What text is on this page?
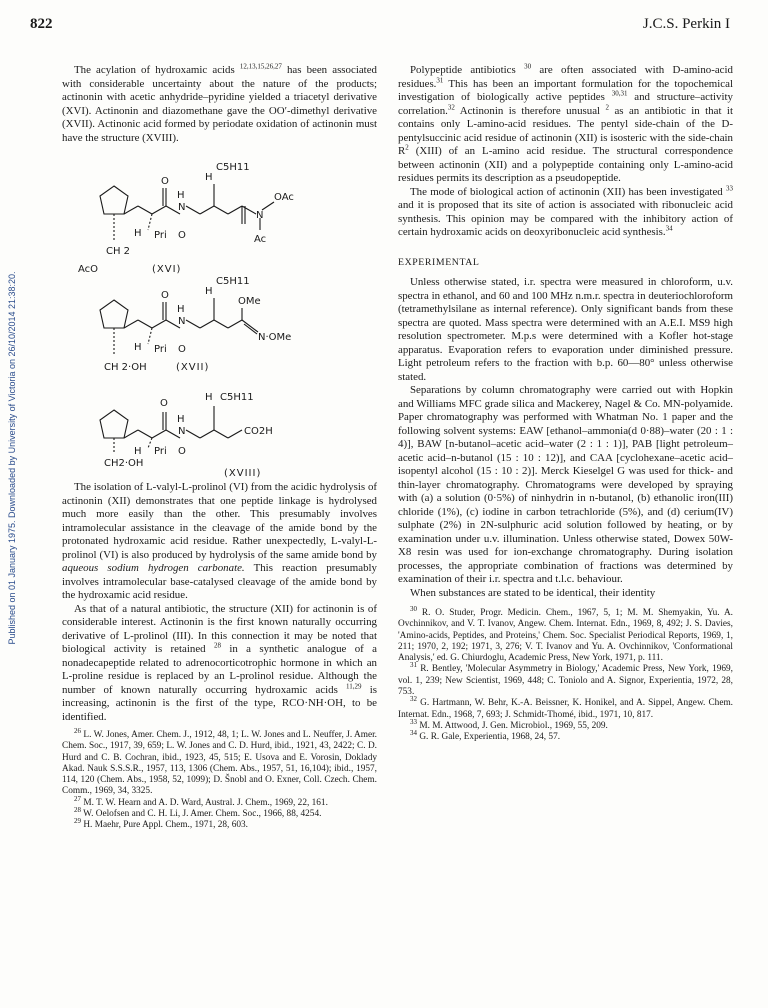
822	J.C.S. Perkin I
Published on 01 January 1975. Downloaded by University of Victoria on 26/10/2014 21:38:20.

The acylation of hydroxamic acids $^{12,13,15,26,27}$ has been associated with considerable uncertainty about the nature of the products; actinonin with acetic anhydride–pyridine yielded a triacetyl derivative (XVI). Actinonin and diazomethane gave the OO′-dimethyl derivative (XVII). Actinonic acid formed by periodate oxidation of actinonin must have the structure (XVIII).

H
C5H11
O
H
N
OAc
N
H Pri O	Ac
CH 2
AcO	(XVI)
H
C5H11
O
H
N
OMe
N·OMe
H Pri O
CH 2·OH	(XVII)
O
H C5H11
H
N	CO2H
H Pri O
CH2·OH
(XVIII)

The isolation of L-valyl-L-prolinol (VI) from the acidic hydrolysis of actinonin (XII) demonstrates that one peptide linkage is hydrolysed much more easily than the other. This presumably involves intramolecular assistance in the cleavage of the amide bond by the protonated hydroxamic acid residue. Rather unexpectedly, L-valyl-L-prolinol (VI) is also produced by hydrolysis of the same amide bond by aqueous sodium hydrogen carbonate. This reaction presumably involves intramolecular base-catalysed cleavage of the amide bond by the hydroxamic acid residue.

As that of a natural antibiotic, the structure (XII) for actinonin is of considerable interest. Actinonin is the first known naturally occurring derivative of L-prolinol (III). In this connection it may be noted that biological activity is retained $^{28}$ in a synthetic analogue of a nonadecapeptide related to adrenocorticotrophic hormone in which an L-proline residue is replaced by an L-prolinol residue. Although the number of known naturally occurring hydroxamic acids $^{11,29}$ is increasing, actinonin is the first of the type, RCO·NH·OH, to be identified.

$^{26}$ L. W. Jones, Amer. Chem. J., 1912, 48, 1; L. W. Jones and L. Neuffer, J. Amer. Chem. Soc., 1917, 39, 659; L. W. Jones and C. D. Hurd, ibid., 1921, 43, 2422; C. D. Hurd and C. B. Cochran, ibid., 1923, 45, 515; E. Usova and E. Vorosin, Doklady Akad. Nauk S.S.S.R., 1957, 113, 1306 (Chem. Abs., 1957, 51, 16,104); ibid., 1957, 114, 120 (Chem. Abs., 1958, 52, 1099); D. Šnobl and O. Exner, Coll. Czech. Chem. Comm., 1969, 34, 3325.

$^{27}$ M. T. W. Hearn and A. D. Ward, Austral. J. Chem., 1969, 22, 161.

$^{28}$ W. Oelofsen and C. H. Li, J. Amer. Chem. Soc., 1966, 88, 4254.

$^{29}$ H. Maehr, Pure Appl. Chem., 1971, 28, 603.

Polypeptide antibiotics $^{30}$ are often associated with D-amino-acid residues.$^{31}$ This has been an important formulation for the topochemical investigation of biologically active peptides $^{30,31}$ and structure–activity correlation.$^{32}$ Actinonin is therefore unusual $^2$ as an antibiotic in that it contains only L-amino-acid residues. The pentyl side-chain of the D-pentylsuccinic acid residue of actinonin (XII) is isosteric with the side-chain $R^2$ (XIII) of an L-amino acid residue. The structural correspondence between actinonin (XII) and a polypeptide containing only L-amino-acid residues permits its description as a pseudopeptide.

The mode of biological action of actinonin (XII) has been investigated $^{33}$ and it is proposed that its site of action is associated with ribonucleic acid synthesis. This opinion may be compared with the inhibitory action of certain hydroxamic acids on deoxyribonucleic acid synthesis.$^{34}$

EXPERIMENTAL

Unless otherwise stated, i.r. spectra were measured in chloroform, u.v. spectra in ethanol, and 60 and 100 MHz n.m.r. spectra in deuteriochloroform (tetramethylsilane as internal reference). Only significant bands from these spectra are quoted. Mass spectra were determined with an A.E.I. MS9 high resolution spectrometer. M.p.s were determined with a Kofler hot-stage apparatus. Evaporation refers to evaporation under diminished pressure. Light petroleum refers to the fraction with b.p. 60—80° unless otherwise stated.

Separations by column chromatography were carried out with Hopkin and Williams MFC grade silica and Mackerey, Nagel & Co. MN-polyamide. Paper chromatography was performed with Whatman No. 1 paper and the following solvent systems: EAW [ethanol–ammonia(d 0·88)–water (20 : 1 : 4)], BAW [n-butanol–acetic acid–water (2 : 1 : 1)], PAB [light petroleum–acetic acid–n-butanol (15 : 10 : 12)], and CAA [cyclohexane–acetic acid–isopentyl alcohol (15 : 10 : 2)]. Merck Kieselgel G was used for thick- and thin-layer chromatography. Chromatograms were developed by spraying with (a) a solution (0·5%) of ninhydrin in n-butanol, (b) ethanolic iron(III) chloride (1%), (c) iodine in carbon tetrachloride (5%), and (d) cerium(IV) sulphate (2%) in 2N-sulphuric acid solution followed by heating, or by examination under u.v. illumination. Unless otherwise stated, Dowex 50W-X8 resin was used for ion-exchange chromatography. During isolation processes, the appropriate combination of fractions was determined by examination of their i.r. spectra and t.l.c. behaviour.

When substances are stated to be identical, their identity

$^{30}$ R. O. Studer, Progr. Medicin. Chem., 1967, 5, 1; M. M. Shemyakin, Yu. A. Ovchinnikov, and V. T. Ivanov, Angew. Chem. Internat. Edn., 1969, 8, 492; J. S. Davies, 'Amino-acids, Peptides, and Proteins,' Chem. Soc. Specialist Periodical Reports, 1969, 1, 211; 1970, 2, 192; 1971, 3, 276; V. T. Ivanov and Yu. A. Ovchinnikov, 'Conformational Analysis,' ed. G. Chiurdoglu, Academic Press, New York, 1971, p. 111.

$^{31}$ R. Bentley, 'Molecular Asymmetry in Biology,' Academic Press, New York, 1969, vol. 1, 239; New Scientist, 1969, 448; C. Toniolo and A. Signor, Experientia, 1972, 28, 753.

$^{32}$ G. Hartmann, W. Behr, K.-A. Beissner, K. Honikel, and A. Sippel, Angew. Chem. Internat. Edn., 1968, 7, 693; J. Schmidt-Thomé, ibid., 1971, 10, 817.

$^{33}$ M. M. Attwood, J. Gen. Microbiol., 1969, 55, 209.

$^{34}$ G. R. Gale, Experientia, 1968, 24, 57.
